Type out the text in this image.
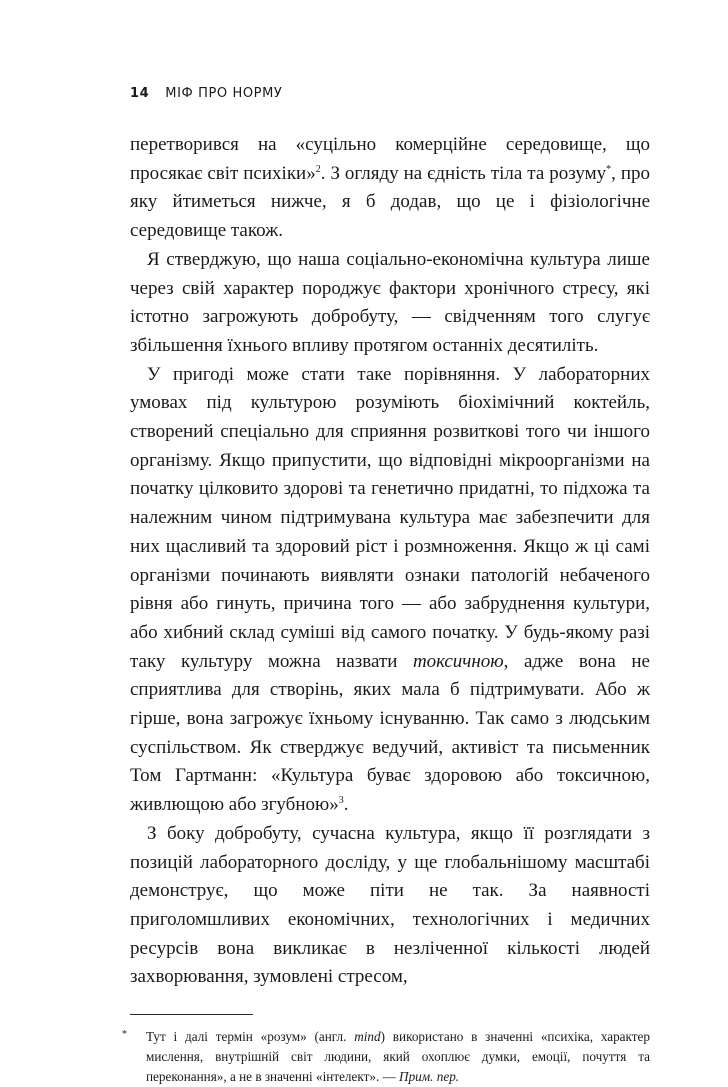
14 МІФ ПРО НОРМУ

перетворився на «суцільно комерційне середовище, що просякає світ психіки»$^2$. З огляду на єдність тіла та розуму*, про яку йтиметься нижче, я б додав, що це і фізіологічне середовище також.

Я стверджую, що наша соціально-економічна культура лише через свій характер породжує фактори хронічного стресу, які істотно загрожують добробуту, — свідченням того слугує збільшення їхнього впливу протягом останніх десятиліть.

У пригоді може стати таке порівняння. У лабораторних умовах під культурою розуміють біохімічний коктейль, створений спеціально для сприяння розвиткові того чи іншого організму. Якщо припустити, що відповідні мікроорганізми на початку цілковито здорові та генетично придатні, то підхожа та належним чином підтримувана культура має забезпечити для них щасливий та здоровий ріст і розмноження. Якщо ж ці самі організми починають виявляти ознаки патологій небаченого рівня або гинуть, причина того — або забруднення культури, або хибний склад суміші від самого початку. У будь-якому разі таку культуру можна назвати токсичною, адже вона не сприятлива для створінь, яких мала б підтримувати. Або ж гірше, вона загрожує їхньому існуванню. Так само з людським суспільством. Як стверджує ведучий, активіст та письменник Том Гартманн: «Культура буває здоровою або токсичною, живлющою або згубною»$^3$.

З боку добробуту, сучасна культура, якщо її розглядати з позицій лабораторного досліду, у ще глобальнішому масштабі демонструє, що може піти не так. За наявності приголомшливих економічних, технологічних і медичних ресурсів вона викликає в незліченної кількості людей захворювання, зумовлені стресом,

* Тут і далі термін «розум» (англ. mind) використано в значенні «психіка, характер мислення, внутрішній світ людини, який охоплює думки, емоції, почуття та переконання», а не в значенні «інтелект». — Прим. пер.
